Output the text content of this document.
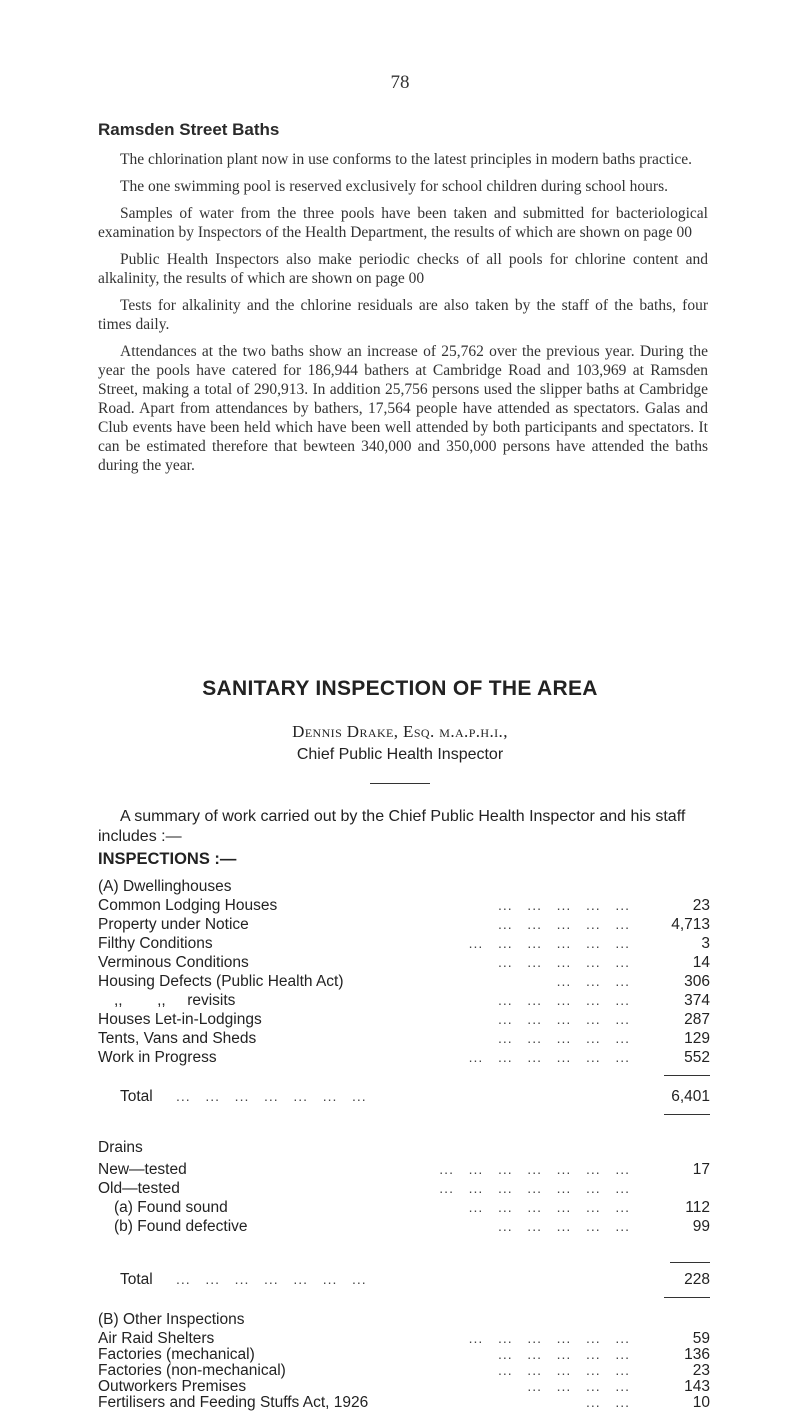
78
Ramsden Street Baths

The chlorination plant now in use conforms to the latest principles in modern baths practice.

The one swimming pool is reserved exclusively for school children during school hours.

Samples of water from the three pools have been taken and submitted for bacteriological examination by Inspectors of the Health Department, the results of which are shown on page 00

Public Health Inspectors also make periodic checks of all pools for chlorine content and alkalinity, the results of which are shown on page 00

Tests for alkalinity and the chlorine residuals are also taken by the staff of the baths, four times daily.

Attendances at the two baths show an increase of 25,762 over the previous year. During the year the pools have catered for 186,944 bathers at Cambridge Road and 103,969 at Ramsden Street, making a total of 290,913. In addition 25,756 persons used the slipper baths at Cambridge Road. Apart from attendances by bathers, 17,564 people have attended as spectators. Galas and Club events have been held which have been well attended by both participants and spectators. It can be estimated therefore that bewteen 340,000 and 350,000 persons have attended the baths during the year.

SANITARY INSPECTION OF THE AREA
Dennis Drake, Esq. m.a.p.h.i.,
Chief Public Health Inspector

A summary of work carried out by the Chief Public Health Inspector and his staff includes :—

INSPECTIONS :—
(A) Dwellinghouses
Common Lodging Houses	...   ...   ...   ...   ...	23
Property under Notice	...   ...   ...   ...   ...	4,713
Filthy Conditions	...   ...   ...   ...   ...   ...	3
Verminous Conditions	...   ...   ...   ...   ...	14
Housing Defects (Public Health Act)	...   ...   ...	306
,,        ,,     revisits	...   ...   ...   ...   ...	374
Houses Let-in-Lodgings	...   ...   ...   ...   ...	287
Tents, Vans and Sheds	...   ...   ...   ...   ...	129
Work in Progress	...   ...   ...   ...   ...   ...	552
Total ...   ...   ...   ...   ...   ...   ...	6,401
Drains
New—tested	...   ...   ...   ...   ...   ...   ...	17
Old—tested	...   ...   ...   ...   ...   ...   ...
(a) Found sound	...   ...   ...   ...   ...   ...	112
(b) Found defective	...   ...   ...   ...   ...	99
Total ...   ...   ...   ...   ...   ...   ...	228
(B) Other Inspections
Air Raid Shelters	...   ...   ...   ...   ...   ...	59
Factories (mechanical)	...   ...   ...   ...   ...	136
Factories (non-mechanical)	...   ...   ...   ...   ...	23
Outworkers Premises	...   ...   ...   ...	143
Fertilisers and Feeding Stuffs Act, 1926	...   ...	10
